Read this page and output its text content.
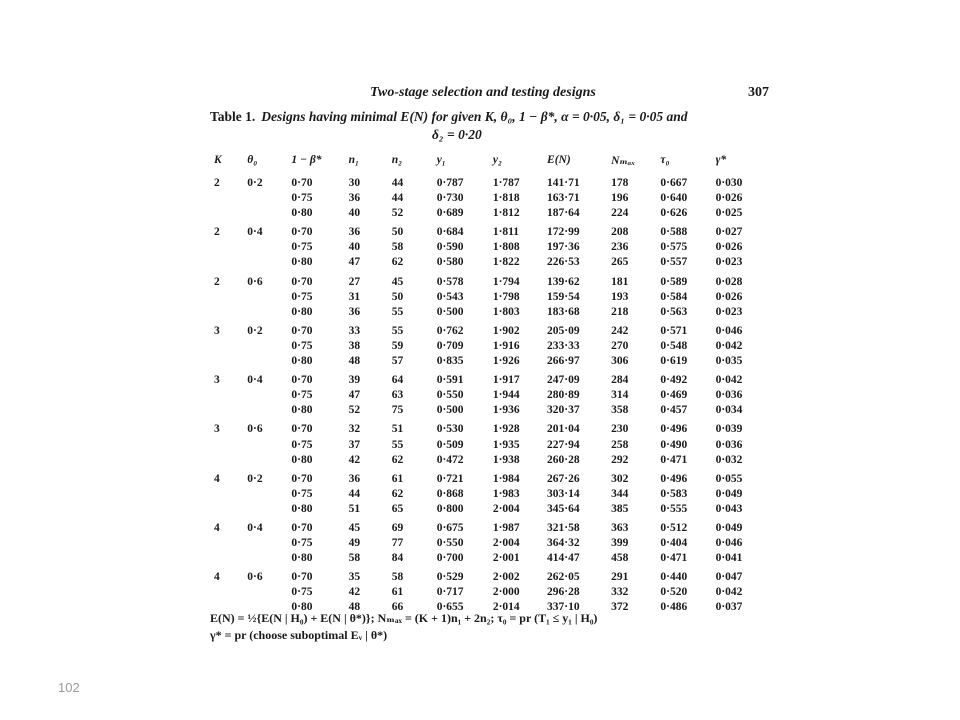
Two-stage selection and testing designs	307
Table 1. Designs having minimal E(N) for given K, θ₀, 1 − β*, α = 0·05, δ₁ = 0·05 and
δ₂ = 0·20
K	θ₀	1 − β*	n₁	n₂	y₁	y₂	E(N)	Nₘₐₓ	τ₀	γ*
2	0·2	0·70	30	44	0·787	1·787	141·71	178	0·667	0·030
		0·75	36	44	0·730	1·818	163·71	196	0·640	0·026
		0·80	40	52	0·689	1·812	187·64	224	0·626	0·025
2	0·4	0·70	36	50	0·684	1·811	172·99	208	0·588	0·027
		0·75	40	58	0·590	1·808	197·36	236	0·575	0·026
		0·80	47	62	0·580	1·822	226·53	265	0·557	0·023
2	0·6	0·70	27	45	0·578	1·794	139·62	181	0·589	0·028
		0·75	31	50	0·543	1·798	159·54	193	0·584	0·026
		0·80	36	55	0·500	1·803	183·68	218	0·563	0·023
3	0·2	0·70	33	55	0·762	1·902	205·09	242	0·571	0·046
		0·75	38	59	0·709	1·916	233·33	270	0·548	0·042
		0·80	48	57	0·835	1·926	266·97	306	0·619	0·035
3	0·4	0·70	39	64	0·591	1·917	247·09	284	0·492	0·042
		0·75	47	63	0·550	1·944	280·89	314	0·469	0·036
		0·80	52	75	0·500	1·936	320·37	358	0·457	0·034
3	0·6	0·70	32	51	0·530	1·928	201·04	230	0·496	0·039
		0·75	37	55	0·509	1·935	227·94	258	0·490	0·036
		0·80	42	62	0·472	1·938	260·28	292	0·471	0·032
4	0·2	0·70	36	61	0·721	1·984	267·26	302	0·496	0·055
		0·75	44	62	0·868	1·983	303·14	344	0·583	0·049
		0·80	51	65	0·800	2·004	345·64	385	0·555	0·043
4	0·4	0·70	45	69	0·675	1·987	321·58	363	0·512	0·049
		0·75	49	77	0·550	2·004	364·32	399	0·404	0·046
		0·80	58	84	0·700	2·001	414·47	458	0·471	0·041
4	0·6	0·70	35	58	0·529	2·002	262·05	291	0·440	0·047
		0·75	42	61	0·717	2·000	296·28	332	0·520	0·042
		0·80	48	66	0·655	2·014	337·10	372	0·486	0·037
E(N) = ½{E(N | H₀) + E(N | θ*)}; Nₘₐₓ = (K + 1)n₁ + 2n₂; τ₀ = pr (T₁ ≤ y₁ | H₀)
γ* = pr (choose suboptimal Eᵥ | θ*)
102
